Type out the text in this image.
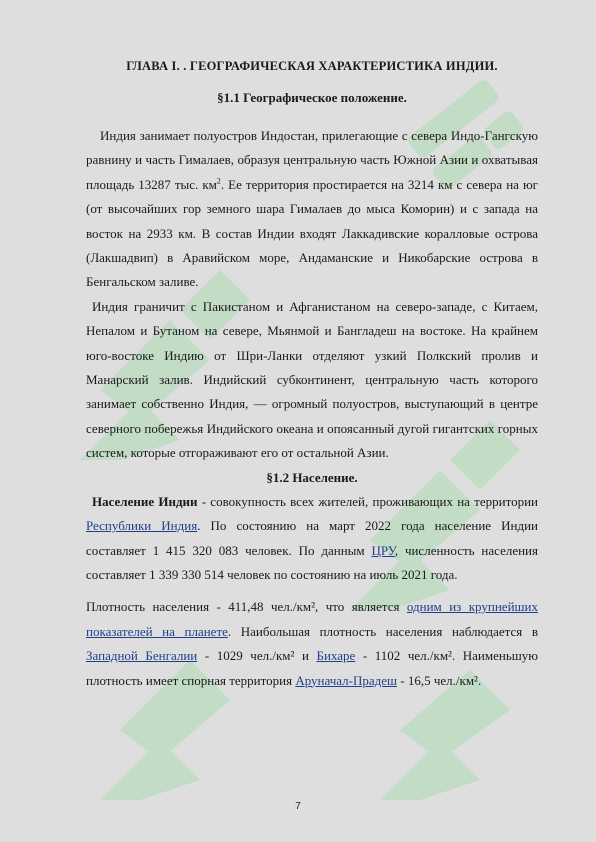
ГЛАВА I. . ГЕОГРАФИЧЕСКАЯ ХАРАКТЕРИСТИКА ИНДИИ.
§1.1 Географическое положение.

Индия занимает полуостров Индостан, прилегающие с севера Индо-Гангскую равнину и часть Гималаев, образуя центральную часть Южной Азии и охватывая площадь 13287 тыс. $км^2$. Ее территория простирается на 3214 км с севера на юг (от высочайших гор земного шара Гималаев до мыса Коморин) и с запада на восток на 2933 км. В состав Индии входят Лаккадивские коралловые острова (Лакшадвип) в Аравийском море, Андаманские и Никобарские острова в Бенгальском заливе.

Индия граничит с Пакистаном и Афганистаном на северо-западе, с Китаем, Непалом и Бутаном на севере, Мьянмой и Бангладеш на востоке. На крайнем юго-востоке Индию от Шри-Ланки отделяют узкий Полкский пролив и Манарский залив. Индийский субконтинент, центральную часть которого занимает собственно Индия, — огромный полуостров, выступающий в центре северного побережья Индийского океана и опоясанный дугой гигантских горных систем, которые отгораживают его от остальной Азии.

§1.2 Население.

Население Индии - совокупность всех жителей, проживающих на территории Республики Индия. По состоянию на март 2022 года население Индии составляет 1 415 320 083 человек. По данным ЦРУ, численность населения составляет 1 339 330 514 человек по состоянию на июль 2021 года.

Плотность населения - 411,48 чел./км², что является одним из крупнейших показателей на планете. Наибольшая плотность населения наблюдается в Западной Бенгалии - 1029 чел./км² и Бихаре - 1102 чел./км². Наименьшую плотность имеет спорная территория Аруначал-Прадеш - 16,5 чел./км².

7
